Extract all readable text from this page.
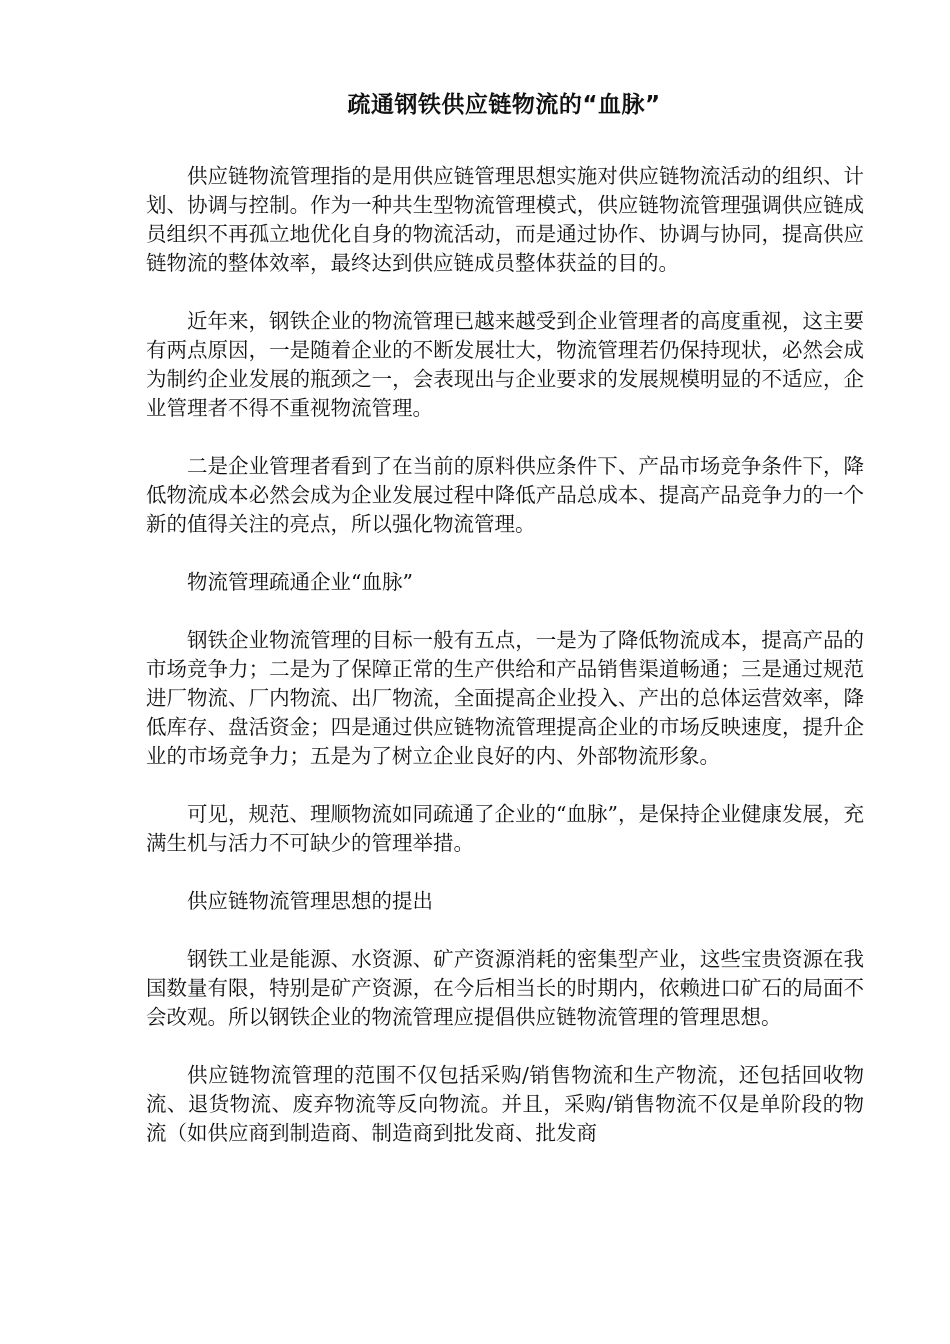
疏通钢铁供应链物流的“血脉”

供应链物流管理指的是用供应链管理思想实施对供应链物流活动的组织、计划、协调与控制。作为一种共生型物流管理模式，供应链物流管理强调供应链成员组织不再孤立地优化自身的物流活动，而是通过协作、协调与协同，提高供应链物流的整体效率，最终达到供应链成员整体获益的目的。

近年来，钢铁企业的物流管理已越来越受到企业管理者的高度重视，这主要有两点原因，一是随着企业的不断发展壮大，物流管理若仍保持现状，必然会成为制约企业发展的瓶颈之一，会表现出与企业要求的发展规模明显的不适应，企业管理者不得不重视物流管理。

二是企业管理者看到了在当前的原料供应条件下、产品市场竞争条件下，降低物流成本必然会成为企业发展过程中降低产品总成本、提高产品竞争力的一个新的值得关注的亮点，所以强化物流管理。

物流管理疏通企业“血脉”

钢铁企业物流管理的目标一般有五点，一是为了降低物流成本，提高产品的市场竞争力；二是为了保障正常的生产供给和产品销售渠道畅通；三是通过规范进厂物流、厂内物流、出厂物流，全面提高企业投入、产出的总体运营效率，降低库存、盘活资金；四是通过供应链物流管理提高企业的市场反映速度，提升企业的市场竞争力；五是为了树立企业良好的内、外部物流形象。

可见，规范、理顺物流如同疏通了企业的“血脉”，是保持企业健康发展，充满生机与活力不可缺少的管理举措。

供应链物流管理思想的提出

钢铁工业是能源、水资源、矿产资源消耗的密集型产业，这些宝贵资源在我国数量有限，特别是矿产资源，在今后相当长的时期内，依赖进口矿石的局面不会改观。所以钢铁企业的物流管理应提倡供应链物流管理的管理思想。

供应链物流管理的范围不仅包括采购/销售物流和生产物流，还包括回收物流、退货物流、废弃物流等反向物流。并且，采购/销售物流不仅是单阶段的物流（如供应商到制造商、制造商到批发商、批发商
